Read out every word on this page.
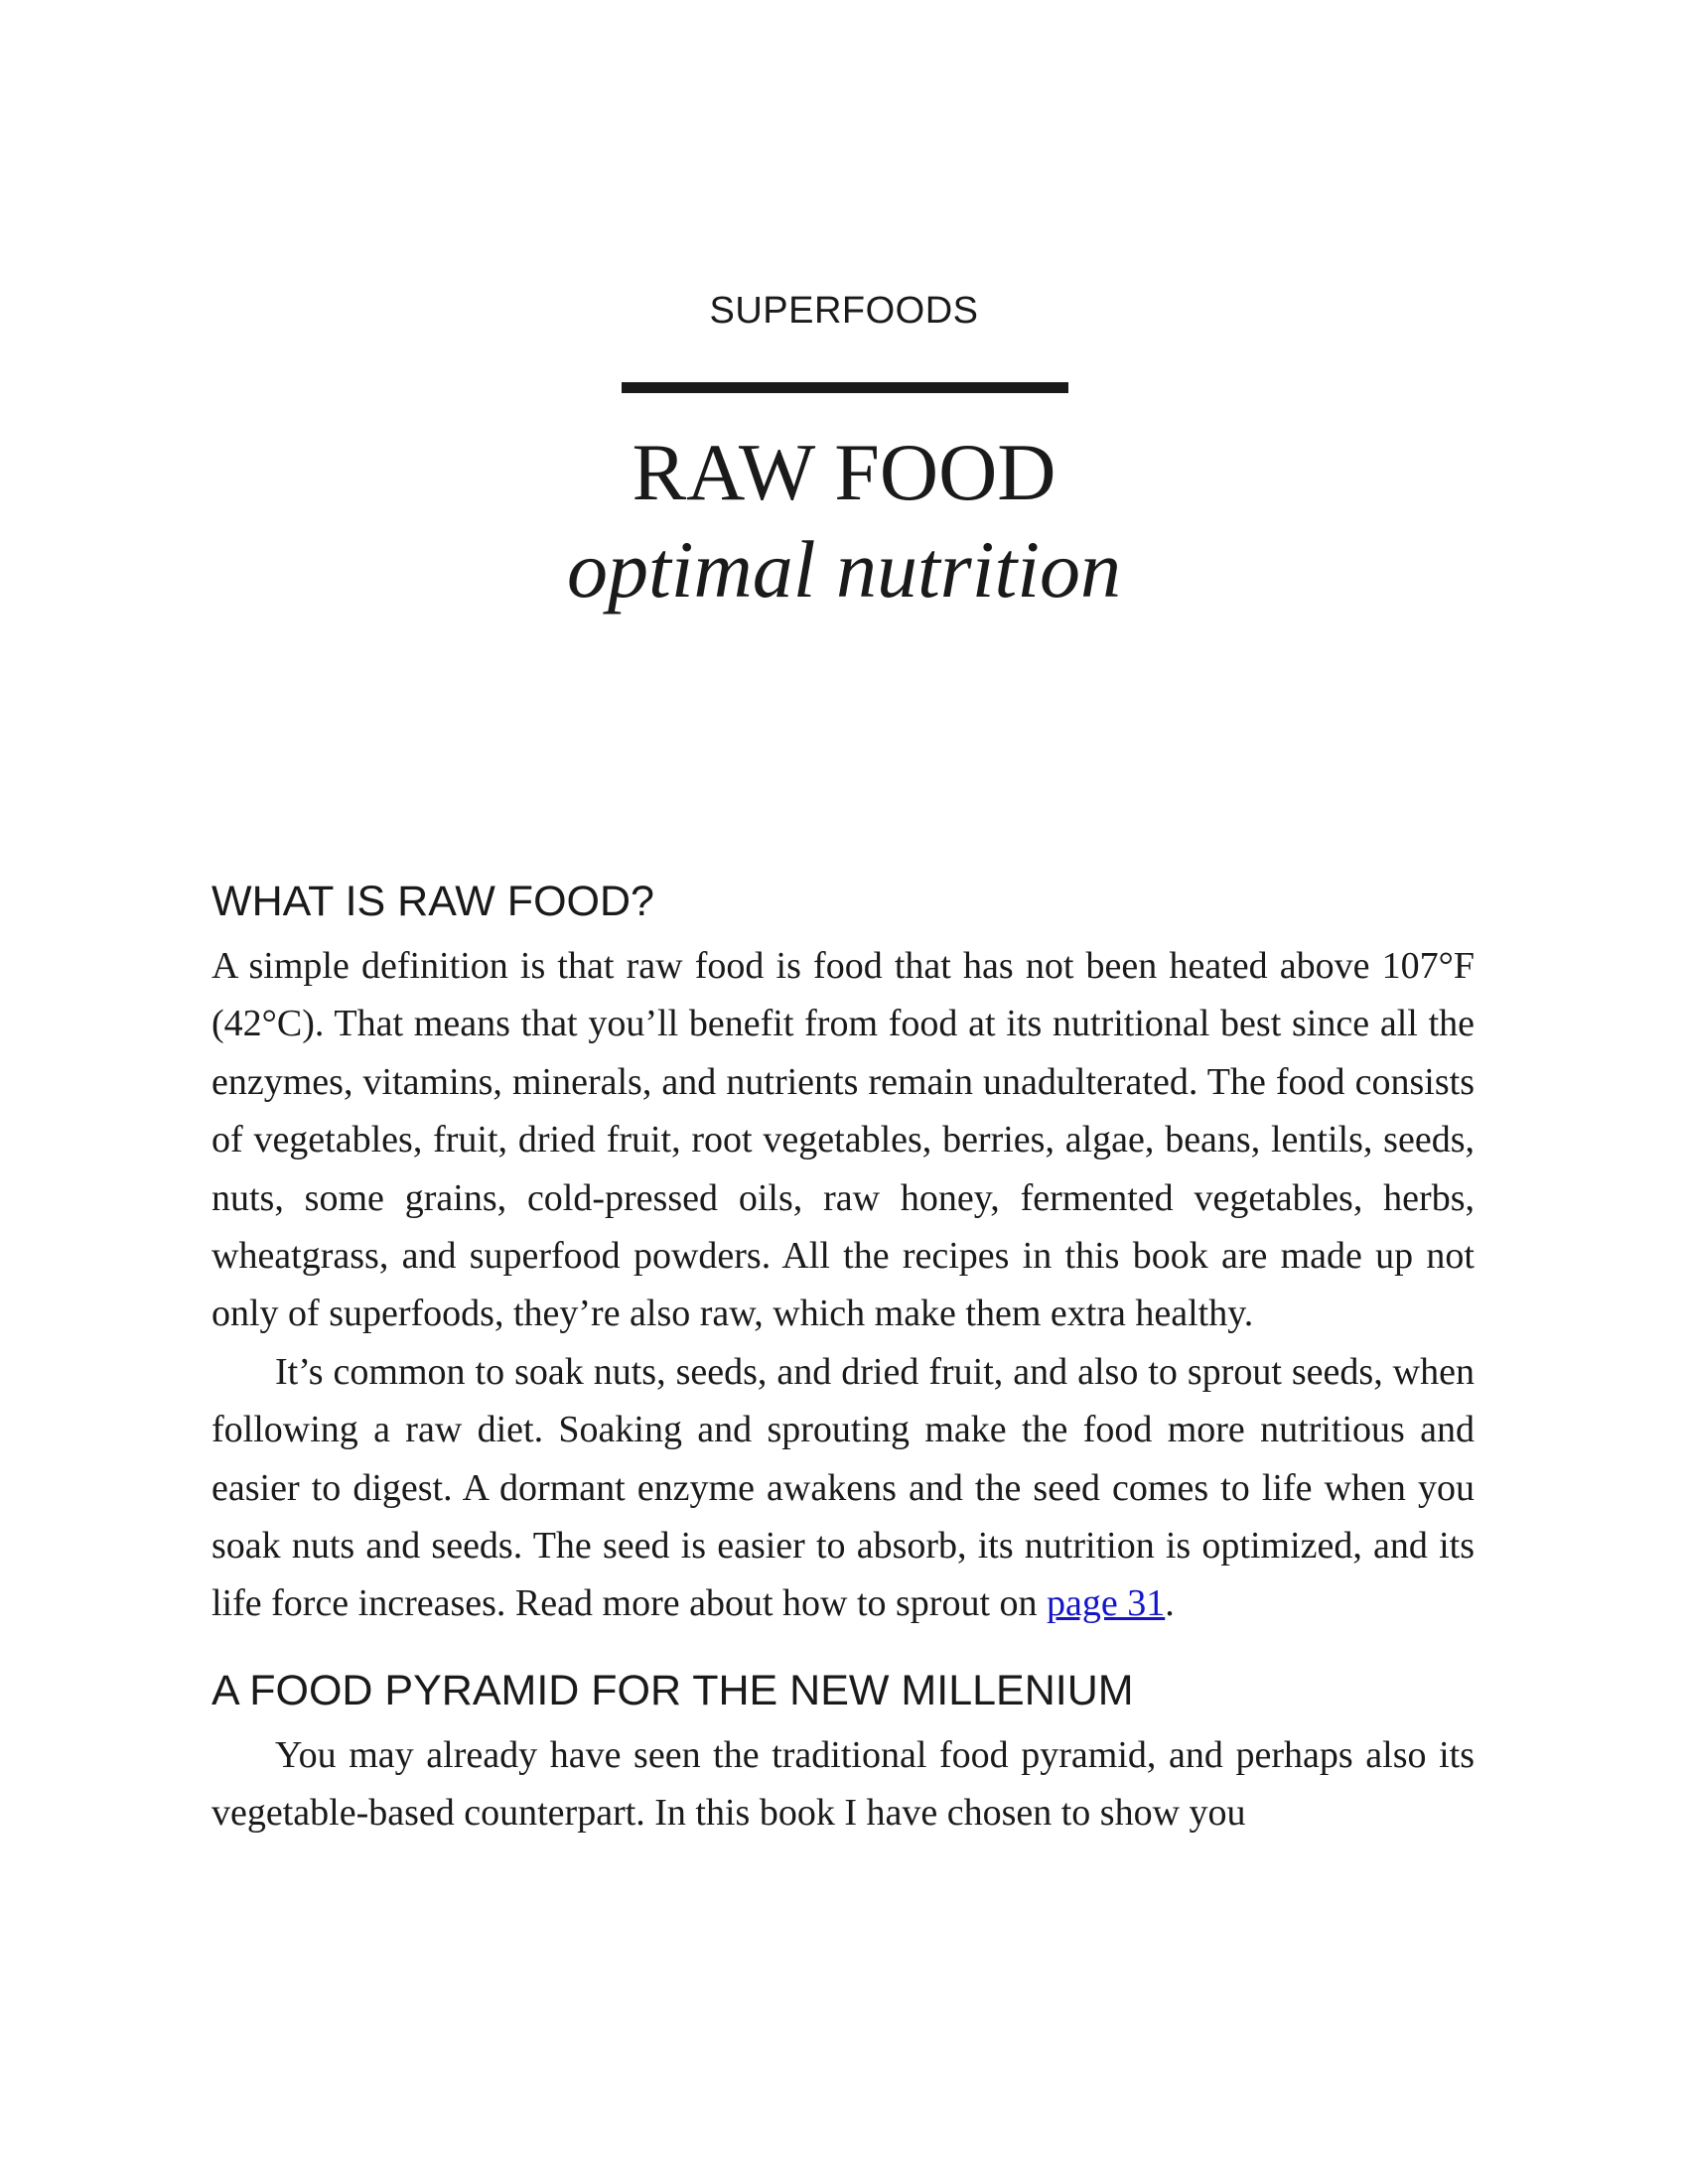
SUPERFOODS
RAW FOOD
optimal nutrition
WHAT IS RAW FOOD?

A simple definition is that raw food is food that has not been heated above 107°F (42°C). That means that you’ll benefit from food at its nutritional best since all the enzymes, vitamins, minerals, and nutrients remain unadulterated. The food consists of vegetables, fruit, dried fruit, root vegetables, berries, algae, beans, lentils, seeds, nuts, some grains, cold-pressed oils, raw honey, fermented vegetables, herbs, wheatgrass, and superfood powders. All the recipes in this book are made up not only of superfoods, they’re also raw, which make them extra healthy.

It’s common to soak nuts, seeds, and dried fruit, and also to sprout seeds, when following a raw diet. Soaking and sprouting make the food more nutritious and easier to digest. A dormant enzyme awakens and the seed comes to life when you soak nuts and seeds. The seed is easier to absorb, its nutrition is optimized, and its life force increases. Read more about how to sprout on page 31.

A FOOD PYRAMID FOR THE NEW MILLENIUM

You may already have seen the traditional food pyramid, and perhaps also its vegetable-based counterpart. In this book I have chosen to show you
